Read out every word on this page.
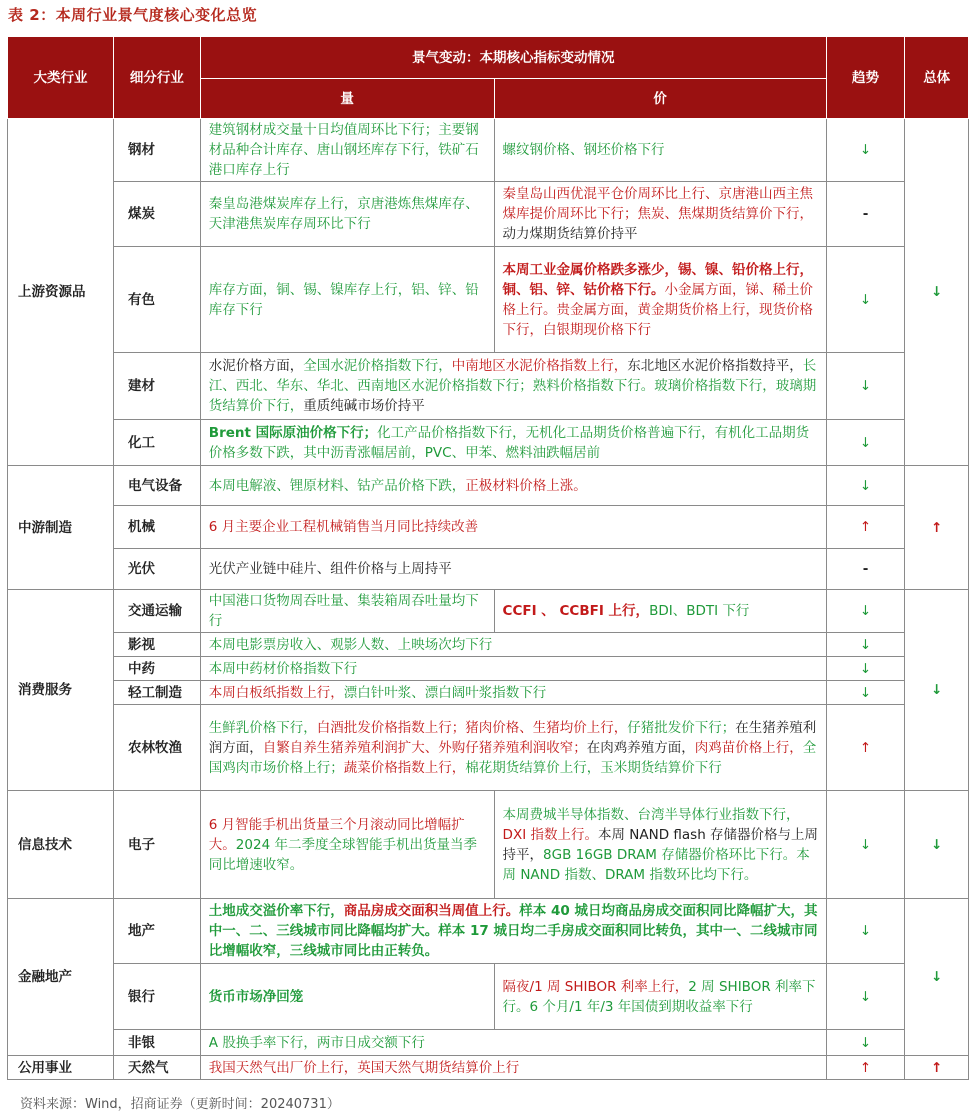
表 2：本周行业景气度核心变化总览
大类行业	细分行业	景气变动：本期核心指标变动情况		趋势	总体
		量	价		
上游资源品	钢材	建筑钢材成交量十日均值周环比下行；主要钢材品种合计库存、唐山钢坯库存下行，铁矿石港口库存上行	螺纹钢价格、钢坯价格下行	↓	↓
	煤炭	秦皇岛港煤炭库存上行，京唐港炼焦煤库存、天津港焦炭库存周环比下行	秦皇岛山西优混平仓价周环比上行、京唐港山西主焦煤库提价周环比下行；焦炭、焦煤期货结算价下行，动力煤期货结算价持平	-	
	有色	库存方面，铜、锡、镍库存上行，铝、锌、铅库存下行	本周工业金属价格跌多涨少，锡、镍、铅价格上行，铜、铝、锌、钴价格下行。小金属方面，锑、稀土价格上行。贵金属方面，黄金期货价格上行，现货价格下行，白银期现价格下行	↓	
	建材	水泥价格方面，全国水泥价格指数下行，中南地区水泥价格指数上行，东北地区水泥价格指数持平，长江、西北、华东、华北、西南地区水泥价格指数下行；熟料价格指数下行。玻璃价格指数下行，玻璃期货结算价下行，重质纯碱市场价持平		↓	
	化工	Brent 国际原油价格下行；化工产品价格指数下行，无机化工品期货价格普遍下行，有机化工品期货价格多数下跌，其中沥青涨幅居前，PVC、甲苯、燃料油跌幅居前		↓	
中游制造	电气设备	本周电解液、锂原材料、钴产品价格下跌，正极材料价格上涨。		↓	↑
	机械	6 月主要企业工程机械销售当月同比持续改善		↑	
	光伏	光伏产业链中硅片、组件价格与上周持平		-	
消费服务	交通运输	中国港口货物周吞吐量、集装箱周吞吐量均下行	CCFI 、 CCBFI 上行，BDI、BDTI 下行	↓	↓
	影视	本周电影票房收入、观影人数、上映场次均下行		↓	
	中药	本周中药材价格指数下行		↓	
	轻工制造	本周白板纸指数上行，漂白针叶浆、漂白阔叶浆指数下行		↓	
	农林牧渔	生鲜乳价格下行，白酒批发价格指数上行；猪肉价格、生猪均价上行，仔猪批发价下行；在生猪养殖利润方面，自繁自养生猪养殖利润扩大、外购仔猪养殖利润收窄；在肉鸡养殖方面，肉鸡苗价格上行，全国鸡肉市场价格上行；蔬菜价格指数上行，棉花期货结算价上行，玉米期货结算价下行		↑	
信息技术	电子	6 月智能手机出货量三个月滚动同比增幅扩大。2024 年二季度全球智能手机出货量当季同比增速收窄。	本周费城半导体指数、台湾半导体行业指数下行，DXI 指数上行。本周 NAND flash 存储器价格与上周持平，8GB 16GB DRAM 存储器价格环比下行。本周 NAND 指数、DRAM 指数环比均下行。	↓	↓
金融地产	地产	土地成交溢价率下行，商品房成交面积当周值上行。样本 40 城日均商品房成交面积同比降幅扩大，其中一、二、三线城市同比降幅均扩大。样本 17 城日均二手房成交面积同比转负，其中一、二线城市同比增幅收窄，三线城市同比由正转负。		↓	↓
	银行	货币市场净回笼	隔夜/1 周 SHIBOR 利率上行，2 周 SHIBOR 利率下行。6 个月/1 年/3 年国债到期收益率下行	↓	
	非银	A 股换手率下行，两市日成交额下行		↓	
公用事业	天然气	我国天然气出厂价上行，英国天然气期货结算价上行		↑	↑
资料来源：Wind，招商证券（更新时间：20240731）
